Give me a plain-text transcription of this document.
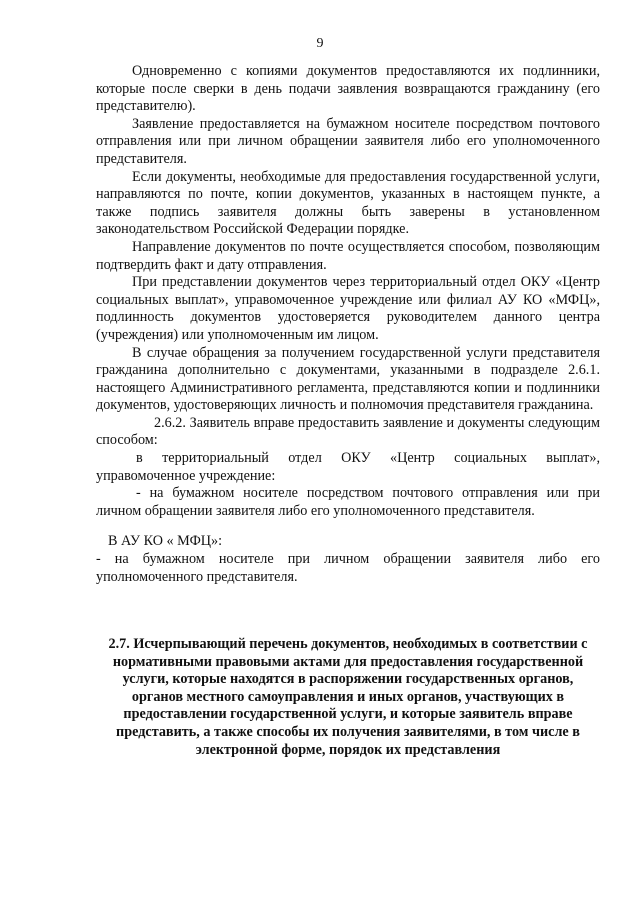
9

Одновременно с копиями документов предоставляются их подлинники, которые после сверки в день подачи заявления возвращаются гражданину (его представителю).

Заявление предоставляется на бумажном носителе посредством почтового отправления или при личном обращении заявителя либо его уполномоченного представителя.

Если документы, необходимые для предоставления государственной услуги, направляются по почте, копии документов, указанных в настоящем пункте, а также подпись заявителя должны быть заверены в установленном законодательством Российской Федерации порядке.

Направление документов по почте осуществляется способом, позволяющим подтвердить факт и дату отправления.

При представлении документов через территориальный отдел ОКУ «Центр социальных выплат», управомоченное учреждение или филиал АУ КО «МФЦ», подлинность документов удостоверяется руководителем данного центра (учреждения) или уполномоченным им лицом.

В случае обращения за получением государственной услуги представителя гражданина дополнительно с документами, указанными в подразделе 2.6.1. настоящего Административного регламента, представляются копии и подлинники документов, удостоверяющих личность и полномочия представителя гражданина.

2.6.2. Заявитель вправе предоставить заявление и документы следующим способом:

в территориальный отдел ОКУ «Центр социальных выплат», управомоченное учреждение:

- на бумажном носителе посредством почтового отправления или при личном обращении заявителя либо его уполномоченного представителя.

В АУ КО « МФЦ»:

- на бумажном носителе при личном обращении заявителя либо его уполномоченного представителя.

2.7. Исчерпывающий перечень документов, необходимых в соответствии с нормативными правовыми актами для предоставления государственной услуги, которые находятся в распоряжении государственных органов, органов местного самоуправления и иных органов, участвующих в предоставлении государственной услуги, и которые заявитель вправе представить, а также способы их получения заявителями, в том числе в электронной форме, порядок их представления
